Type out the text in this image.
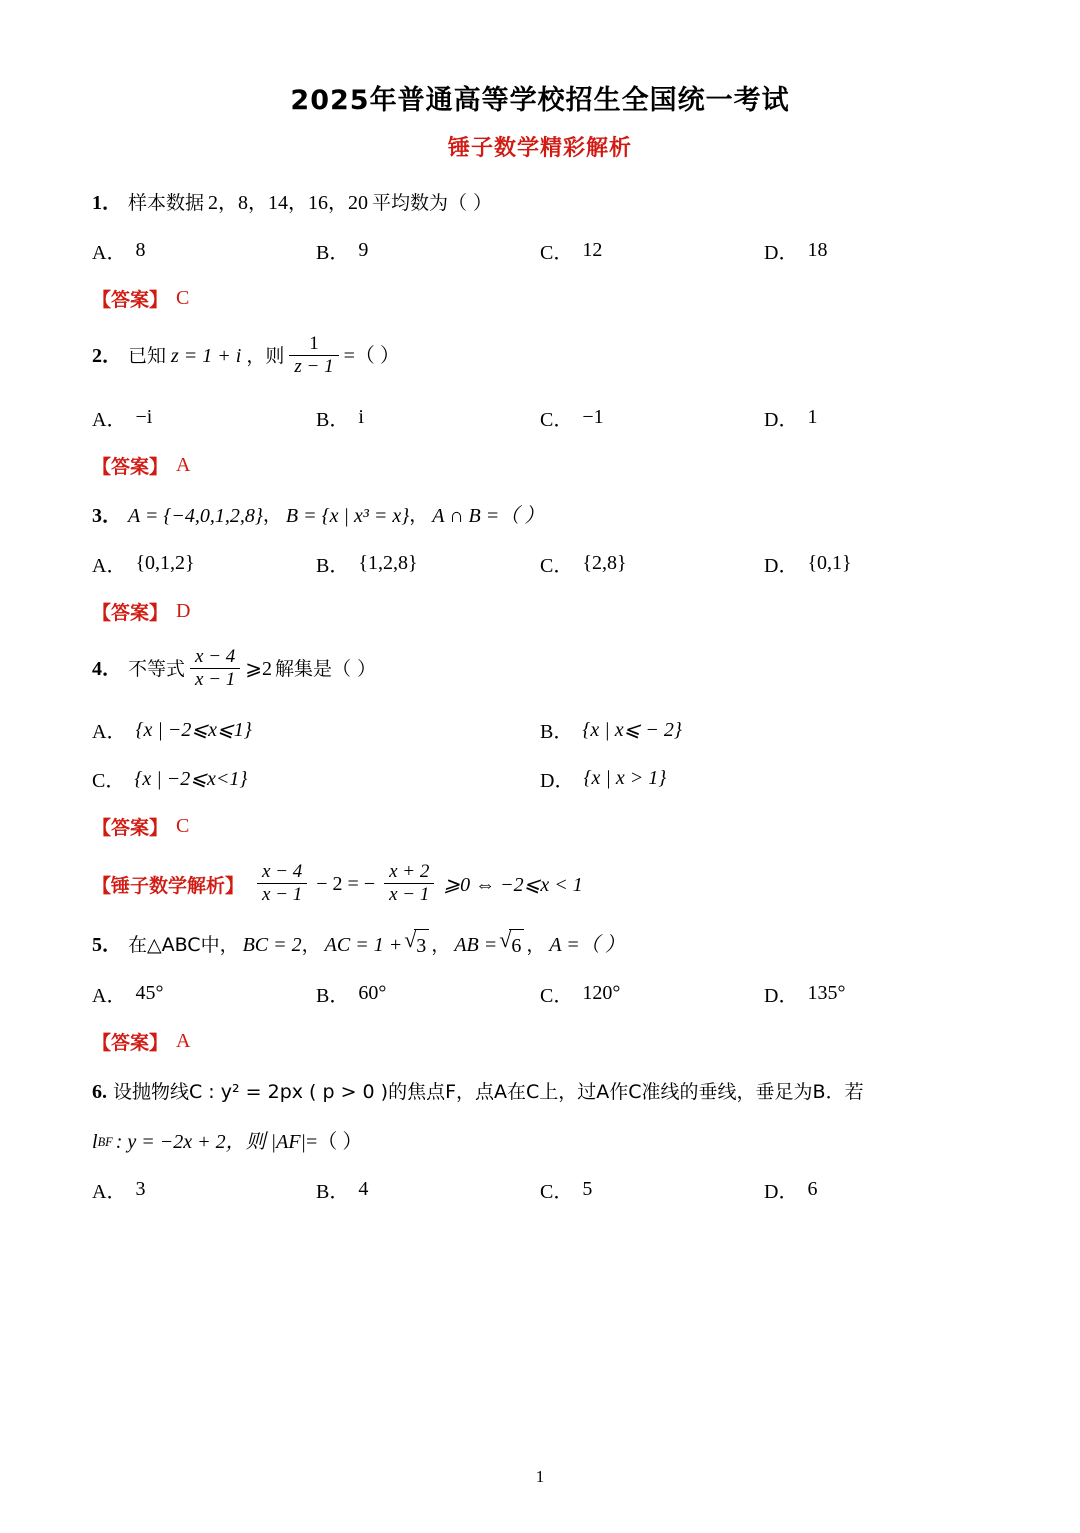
2025年普通高等学校招生全国统一考试
锤子数学精彩解析
1． 样本数据 2，8，14，16，20 平均数为（ ）
A． 8	B． 9	C． 12	D． 18
【答案】 C
2． 已知 z = 1 + i ，则 $\frac{1}{z - 1}$ =（ ）
A． −i	B． i	C． −1	D． 1
【答案】 A
3． A = {−4,0,1,2,8} ， B = {x | x³ = x} ， A ∩ B =（ ）
A． {0,1,2}	B． {1,2,8}	C． {2,8}	D． {0,1}
【答案】 D
4． 不等式 $\frac{x - 4}{x - 1}$ ⩾2 解集是（ ）
A． {x | −2⩽x⩽1}	B． {x | x⩽ − 2}
C． {x | −2⩽x<1}	D． {x | x > 1}
【答案】 C
【锤子数学解析】 $\frac{x - 4}{x - 1} - 2$ = − $\frac{x + 2}{x - 1}$ ⩾0 ⇔ −2⩽x < 1
5． 在△ABC中， BC = 2 ， AC = 1 + √ 3 ， AB = √ 6 ， A =（ ）
A． 45°	B． 60°	C． 120°	D． 135°
【答案】 A
6. 设抛物线C : y² = 2px ( p > 0 )的焦点F，点A在C上，过A作C准线的垂线，垂足为B．若
l BF : y = −2x + 2，则 |AF| =（ ）
A． 3	B． 4	C． 5	D． 6
1
